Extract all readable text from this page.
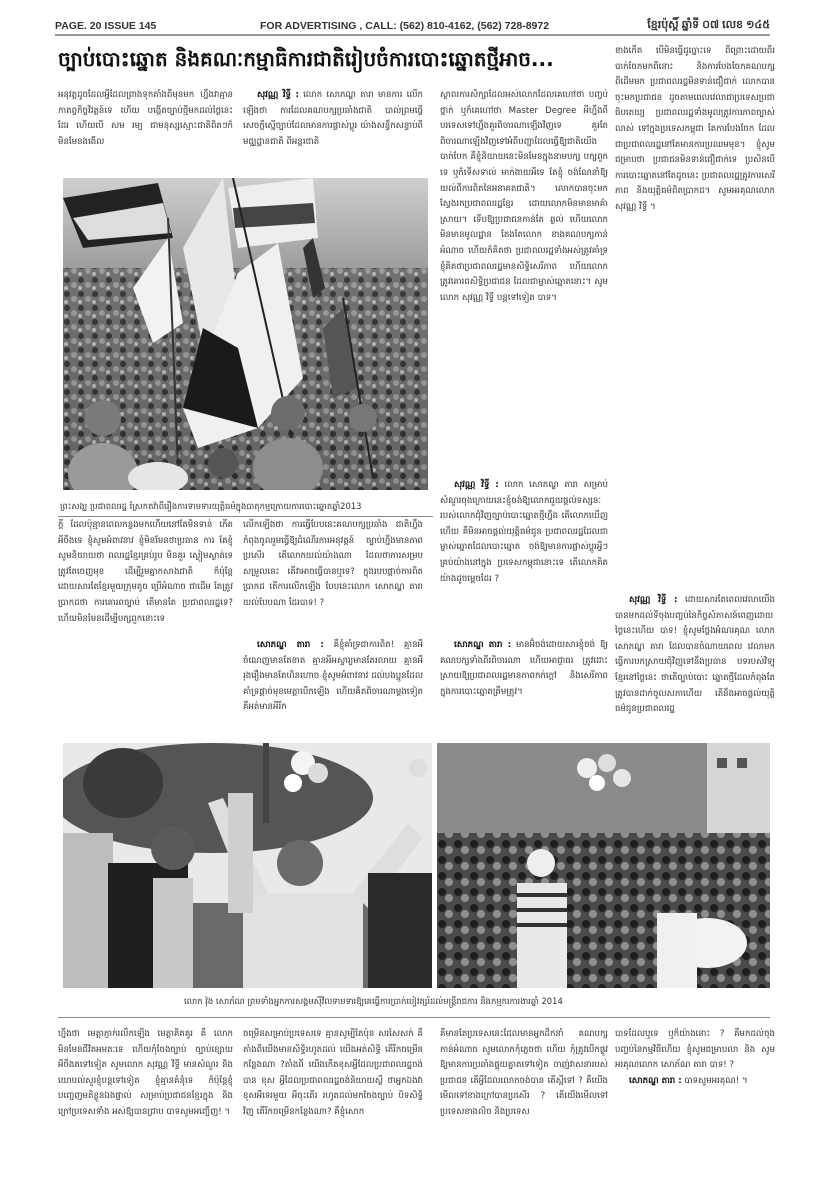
PAGE. 20 ISSUE 145	FOR ADVERTISING , CALL: (562) 810-4162, (562) 728-8972	ខ្មែរប៉ុស្តិ៍ ឆ្នាំទី ០៧ លេខ ១៤៥
ច្បាប់បោះឆ្នោត និងគណៈកម្មាធិការជាតិរៀបចំការបោះឆ្នោតថ្មីអាច...

អនុវត្តដូចដែលអ្វីដែលព្រាងទុកតាំងពីមុនមក ហ្នឹងវាគ្មានកាតព្វកិច្ចវិវត្តន៍ទេ ហើយ បង្កើតច្បាប់ថ្មីមកដល់ថ្ងៃនេះដែរ ហើយបើ សម រម្យ ជាមនុស្សស្មោះជាតិពិតៗក៏មិនមែនងងើល

សុវណ្ណ វិទ្ធី : លោក សោភណ្ឌ តារា មានការ លើកឡើងថា ការដែលគណបក្សប្រឆាំងជាតិ បាល់ព្រមធ្វើសេចក្ដីស្នើច្បាប់ដែលមានការផ្លាស់ប្ដូរ យ៉ាងសន្ធឹកសន្ធាប់ពីមជ្ឈដ្ឋានជាតិ ពីអន្តរជាតិ

ព្រះសង្ឃ ប្រជាពលរដ្ឋ ស្រែកតវ៉ាពីរឿងការទាមទារយុត្តិធម៌ក្នុងបាតុកម្មក្រោយការបោះឆ្នោតឆ្នាំ2013

ស្ថាពរការសិក្សាដែលអស់លោកដែលគេហៅថា បញ្ចប់ ថ្នាក់ ឬក៏គេហៅថា Master Degree អីហ្នឹងពី បរទេសទៅហ្នឹងគួរពិចារណាឡើងវិញទេ គួរតែ ពិចារណាឡើងវិញទៅអំពីបញ្ហាដែលធ្វើឱ្យជាតិយើង បាក់បែក គឺខ្ញុំនិយាយនេះមិនមែនក្នុងនាមបក្ស បក្សពួកទេ ឬក៏ទើសទាល់ មាក់ងាយអីទេ តែខ្ញុំ ចង់ណែនាំឱ្យយល់ពីការពិតនៃអនាគតជាតិ។ លោកបានចុះមកស្វែងរកប្រជាពលរដ្ឋខ្មែរ ដោយលោកមិនមានមាគ៌ាស្រាយ។ ទើបឱ្យប្រជាជនកាន់តែ ឆ្ងល់ ហើយលោកមិនមានមូលដ្ឋាន តែងតែលោក ខាងគណបក្សកាន់អំណាច ហើយក៏គិតថា ប្រជាពលរដ្ឋទាំងអស់ត្រូវគាំទ្រ ខ្ញុំគិតថាប្រជាពលរដ្ឋមានសិទ្ធិសេរីភាព ហើយលោកត្រូវគោរពសិទ្ធិប្រជាជន ដែលជាម្ចាស់ឆ្នោតនោះ។ សូមលោក សុវណ្ណ វិទ្ធី បន្តទៅទៀត បាទ។

សុវណ្ណ វិទ្ធី : លោក សោភណ្ឌ តារា សម្រាប់ សំណួរចុងក្រោយនេះខ្ញុំចង់ឱ្យលោកជួយផ្ដល់ទស្សនៈរបស់លោកជុំវិញច្បាប់បោះឆ្នោតថ្មីហ្នឹង តើលោកឃើញហើយ គឺមិនអាចផ្ដល់យុត្តិធម៌ជូន ប្រជាពលរដ្ឋដែលជាម្ចាស់ឆ្នោតដែលបោះឆ្នោត ចង់ឱ្យមានការផ្លាស់ប្ដូរអ្វីៗគ្រប់យ៉ាងនៅក្នុង ប្រទេសកម្ពុជានោះទេ តើលោកគិតយ៉ាងដូចម្ដេចដែរ ?

សោភណ្ឌ តារា : មានអ៊ំចង់ដោយសារខ្ញុំចង់ ឱ្យគណបក្សទាំងពីរពិចារណា ហើយអាជ្ញាធរ ត្រូវដោះស្រាយឱ្យប្រជាពលរដ្ឋមានភាពកក់ក្ដៅ និងសេរីភាពក្នុងការបោះឆ្នោតត្រឹមត្រូវ។

ខាងកើត បើមិនធ្វើដូច្នោះទេ ពីព្រោះដោយពីរបាក់ចែកមកពីនោះ និងការបែងចែកគណបក្សពីដើមមក ប្រជាពលរដ្ឋមិនទាន់ជឿជាក់ លោកបានចុះមកប្រជាជន ដូចតាមពេលវេលាជាប្រទេសប្រជាធិបតេយ្យ ប្រជាពលរដ្ឋទាំងមូលត្រូវការភាពច្បាស់លាស់ ទៅក្នុងប្រទេសកម្ពុជា តែការបែងចែក ដែលជាប្រជាពលរដ្ឋនៅតែមានការប្រឈមមុខ។ ខ្ញុំសូមជម្រាបថា ប្រជាជនមិនទាន់ជឿជាក់ទេ ប្រសិនបើការបោះឆ្នោតនៅតែដូចនេះ ប្រជាពលរដ្ឋត្រូវការសេរីភាព និងយុត្តិធម៌ពិតប្រាកដ។ សូមអរគុណលោក សុវណ្ណ វិទ្ធី ។

សុវណ្ណ វិទ្ធី : ដោយសារតែពេលវេលាយើង បានមកដល់ទីចុងបញ្ចប់នៃកិច្ចសំភាសន៍ពេញដោយ ថ្ងៃនេះហើយ បាទ! ខ្ញុំសូមថ្លែងអំណរគុណ លោក សោភណ្ឌ តារា ដែលបានចំណាយពេល វេលាមកធ្វើការបកស្រាយជុំវិញទៅនឹងប្រធាន បទរបស់វិទ្យុខ្មែរនៅថ្ងៃនេះ ថាតើច្បាប់បោះ ឆ្នោតថ្មីដែលកំពុងតែត្រូវបានដាក់ចូលសភាហើយ តើនឹងអាចផ្ដល់យុត្តិធម៌ជូនប្រជាពលរដ្ឋ

ក្តី ដែលប៉ុន្មានពេលកន្លងមកហើយនៅតែមិនទាន់ កើតអីចឹងទេ ខ្ញុំសូមអំពាវនាវ ខ្ញុំមិនមែនថាប្រធាន ការ តែខ្ញុំសូមនិយាយថា ពលរដ្ឋខ្មែរគ្រប់រូប មិនគួរ ស្ងៀមស្ងាត់ទេ ត្រូវតែចេញមុខ ដើម្បីរួមគ្នាកសាងជាតិ ក៏ប៉ុន្តែដោយសារតែខ្មែរមួយក្រុមតូច ប្រើអំណាច ជាដើម តែត្រូវប្រាកដថា ការគោរពច្បាប់ តើមានតែ ប្រជាពលរដ្ឋទេ? ហើយមិនមែនដើម្បីបក្សពួកនោះទេ

លើកឡើងថា ការធ្វើបែបនេះគណបក្សប្រឆាំង ជាតិហ្នឹងកំពុងចូលរួមធ្វើឱ្យដំណើរការអនុវត្តន៍ ច្បាប់ហ្នឹងមានភាពប្រសើរ តើលោកយល់យ៉ាងណា ដែលថាការសម្របសម្រួលនេះ តើវាអាចធ្វើបានឬទេ? ក្នុងរបបផ្តាច់ការពិតប្រាកដ តើការលើកឡើង បែបនេះលោក សោភណ្ឌ តារា យល់បែបណា ដែរបាទ! ?

សោភណ្ឌ តារា : គឺខ្ញុំគាំទ្រជាការពិត! គ្មានអី ចំណេញមានតែខាត គ្មានអីអស្ចារ្យមានតែរលាយ គ្មានអីរុងរឿងមានតែហិនហោច ខ្ញុំសូមអំពាវនាវ ដល់បងប្អូនដែលគាំទ្រផ្តាច់មុខមេត្តាបើកឡើង ហើយគិតពិចារណាម្តងទៀត គឺអត់មានអីរីក

លោក វ៉ុង សោភ័ណ ព្រមទាំងអ្នកការសង្គមស៊ីវិលទាមទារឱ្យគេធ្វើការប្រាក់បៀវត្សរ៍ដល់មន្ត្រីរាជការ និងកម្មករការងារឆ្នាំ 2014

ហ្នឹងថា មេត្តាភ្ញាក់រលឹកឡើង មេត្តាគិតគូរ គឺ លោកមិនមែនជីវិតអមតៈទេ ហើយកុំចែងច្បាប់ ច្បាប់ខ្សោយអីចឹងតទៅទៀត សូមលោក សុវណ្ណ វិទ្ធី មានសំណួរ និងយោបល់សួរខ្ញុំបន្តទៅទៀត ខ្ញុំគ្មានគំនុំទេ ក៏ប៉ុន្តែខ្ញុំបញ្ចេញមតិខ្លួនឯងផ្ទាល់ សម្រាប់ប្រជាជនខ្មែរក្នុង និងក្រៅប្រទេសទាំង អស់ឱ្យបានជ្រាប បាទសូមអញ្ជើញ! ។

ចម្រើនសម្រាប់ប្រទេសទេ គ្មានសូម្បីតែប៉ុន សរសៃសក់ គឺតាំងពីយើងមានសិទ្ធិរហូតដល់ យើងអត់សិទ្ធិ តើរីកចម្រើនកន្លែងណា ?តាំងពី យើងកើតខុសអ្វីដែលប្រជាពលរដ្ឋចង់បាន ខុស អ្វីដែលប្រជាពលរដ្ឋចង់និយាយស្ដី ថាអ្នកឯងវា ខុសអីទេរមួយ អីចុះតើរ រហូតដល់មកចែងច្បាប់ បិទសិទ្ធិវិញ តើរីកចម្រើនកន្លែងណា? គឺខ្ញុំសោក

គឺមានតែប្រទេសនេះដែលមានអ្នកដឹកនាំ គណបក្សកាន់អំណាច សូមលោកកុំភ្លេចថា ហើយ កុំត្រូវបើកផ្លូវឱ្យមានការប្រឆាំងផ្ទុយគ្នាតទៅទៀត ចាញ់វាសនារបស់ប្រជាជន តើអ្វីដែលលោកចង់បាន តើស្អីទៅ ? គឺយើងមើលទៅខាងក្រៅបានប្រសើរ ? តើយើងមើលទៅប្រទេសខាងលិច និងប្រទេស

បាទដែលឬទេ ឬក៏យ៉ាងនោះ ? គឺមកដល់ចុង បញ្ចប់នៃកម្មវិធីហើយ ខ្ញុំសូមជម្រាបលា និង សូមអរគុណលោក សោភ័ណ តារា បាទ! ?

សោភណ្ឌ តារា : បាទសូមអរគុណ! ។
